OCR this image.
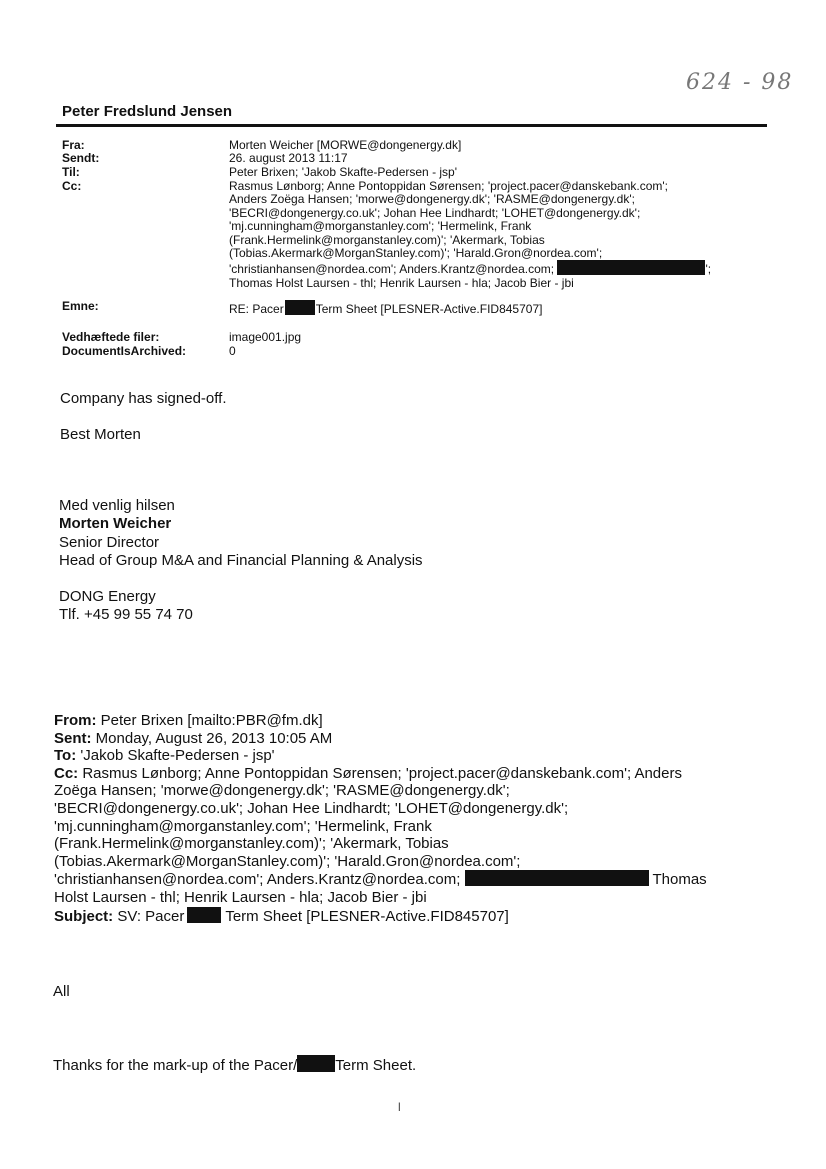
624 - 98
Peter Fredslund Jensen
Fra:	Morten Weicher [MORWE@dongenergy.dk]
Sendt:	26. august 2013 11:17
Til:	Peter Brixen; 'Jakob Skafte-Pedersen - jsp'
Cc:	Rasmus Lønborg; Anne Pontoppidan Sørensen; 'project.pacer@danskebank.com';
Anders Zoëga Hansen; 'morwe@dongenergy.dk'; 'RASME@dongenergy.dk';
'BECRI@dongenergy.co.uk'; Johan Hee Lindhardt; 'LOHET@dongenergy.dk';
'mj.cunningham@morganstanley.com'; 'Hermelink, Frank
(Frank.Hermelink@morganstanley.com)'; 'Akermark, Tobias
(Tobias.Akermark@MorganStanley.com)'; 'Harald.Gron@nordea.com';
'christianhansen@nordea.com'; Anders.Krantz@nordea.com;	';
Thomas Holst Laursen - thl; Henrik Laursen - hla; Jacob Bier - jbi
Emne:	RE: Pacer	Term Sheet [PLESNER-Active.FID845707]
Vedhæftede filer:	image001.jpg
DocumentIsArchived:	0
Company has signed-off.
Best Morten
Med venlig hilsen
Morten Weicher
Senior Director
Head of Group M&A and Financial Planning & Analysis
DONG Energy
Tlf. +45 99 55 74 70
From: Peter Brixen [mailto:PBR@fm.dk]
Sent: Monday, August 26, 2013 10:05 AM
To: 'Jakob Skafte-Pedersen - jsp'
Cc: Rasmus Lønborg; Anne Pontoppidan Sørensen; 'project.pacer@danskebank.com'; Anders
Zoëga Hansen; 'morwe@dongenergy.dk'; 'RASME@dongenergy.dk';
'BECRI@dongenergy.co.uk'; Johan Hee Lindhardt; 'LOHET@dongenergy.dk';
'mj.cunningham@morganstanley.com'; 'Hermelink, Frank
(Frank.Hermelink@morganstanley.com)'; 'Akermark, Tobias
(Tobias.Akermark@MorganStanley.com)'; 'Harald.Gron@nordea.com';
'christianhansen@nordea.com'; Anders.Krantz@nordea.com;	Thomas
Holst Laursen - thl; Henrik Laursen - hla; Jacob Bier - jbi
Subject: SV: Pacer	Term Sheet [PLESNER-Active.FID845707]
All
Thanks for the mark-up of the Pacer/	Term Sheet.
l
